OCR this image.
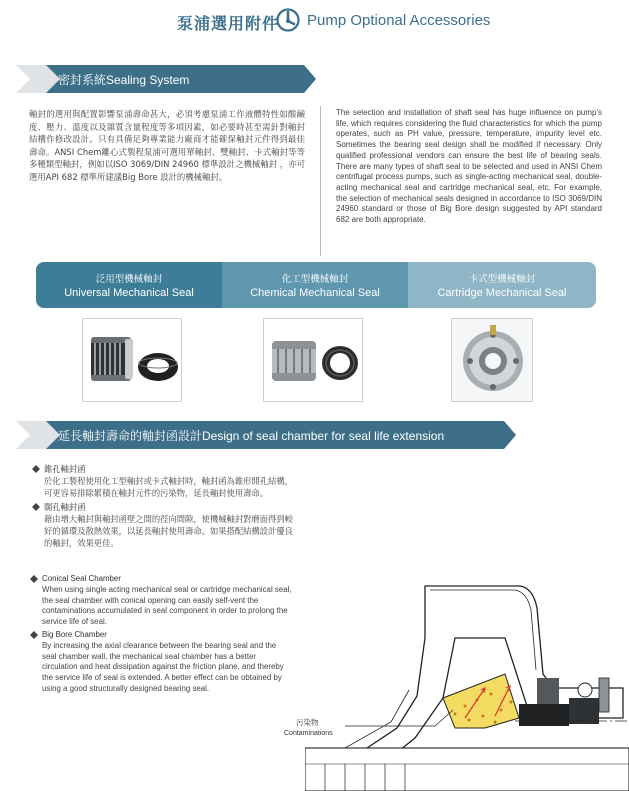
泵浦選用附件 Pump Optional Accessories
密封系統Sealing System
軸封的選用與配置影響泵浦壽命甚大，必須考慮泵浦工作液體特性如酸鹼度、壓力、溫度以及雜質含量程度等多項因素，如必要時甚至需針對軸封結構作修改設計。只有具備足夠專業能力廠商才能確保軸封元件得到最佳壽命。ANSI Chem離心式製程泵浦可選用單軸封、雙軸封、卡式軸封等等多種類型軸封，例如以ISO 3069/DIN 24960 標準設計之機械軸封 ，亦可選用API 682 標準所建議Big Bore 設計的機械軸封。
The selection and installation of shaft seal has huge influence on pump's life, which requires considering the fluid characteristics for which the pump operates, such as PH value, pressure, temperature, impurity level etc. Sometimes the bearing seal design shall be modified if necessary. Only qualified professional vendors can ensure the best life of bearing seals. There are many types of shaft seal to be selected and used in ANSI Chem centrifugal process pumps, such as single-acting mechanical seal, double-acting mechanical seal and cartridge mechanical seal, etc. For example, the selection of mechanical seals designed in accordance to ISO 3069/DIN 24960 standard or those of Big Bore design suggested by API standard 682 are both appropriate.
泛用型機械軸封
Universal Mechanical Seal
化工型機械軸封
Chemical Mechanical Seal
卡式型機械軸封
Cartridge Mechanical Seal
延長軸封壽命的軸封函設計Design of seal chamber for seal life extension
錐孔軸封函
於化工製程使用化工型軸封或卡式軸封時，軸封函為錐形開孔結構，可更容易排除累積在軸封元件的污染物，延長軸封使用壽命。
闊孔軸封函
藉由增大軸封與軸封函壁之間的徑向間隙，使機械軸封對磨面得到較好的循環及散熱效果，以延長軸封使用壽命。如果搭配結構設計優良的軸封，效果更佳。
Conical Seal Chamber
When using single acting mechanical seal or cartridge mechanical seal, the seal chamber with conical opening can easily self-vent the contaminations accumulated in seal component in order to prolong the service life of seal.
Big Bore Chamber
By increasing the axial clearance between the bearing seal and the seal chamber wall, the mechanical seal chamber has a better circulation and heat dissipation against the friction plane, and thereby the service life of seal is extended. A better effect can be obtained by using a good structurally designed bearing seal.
污染物
Contaminations
